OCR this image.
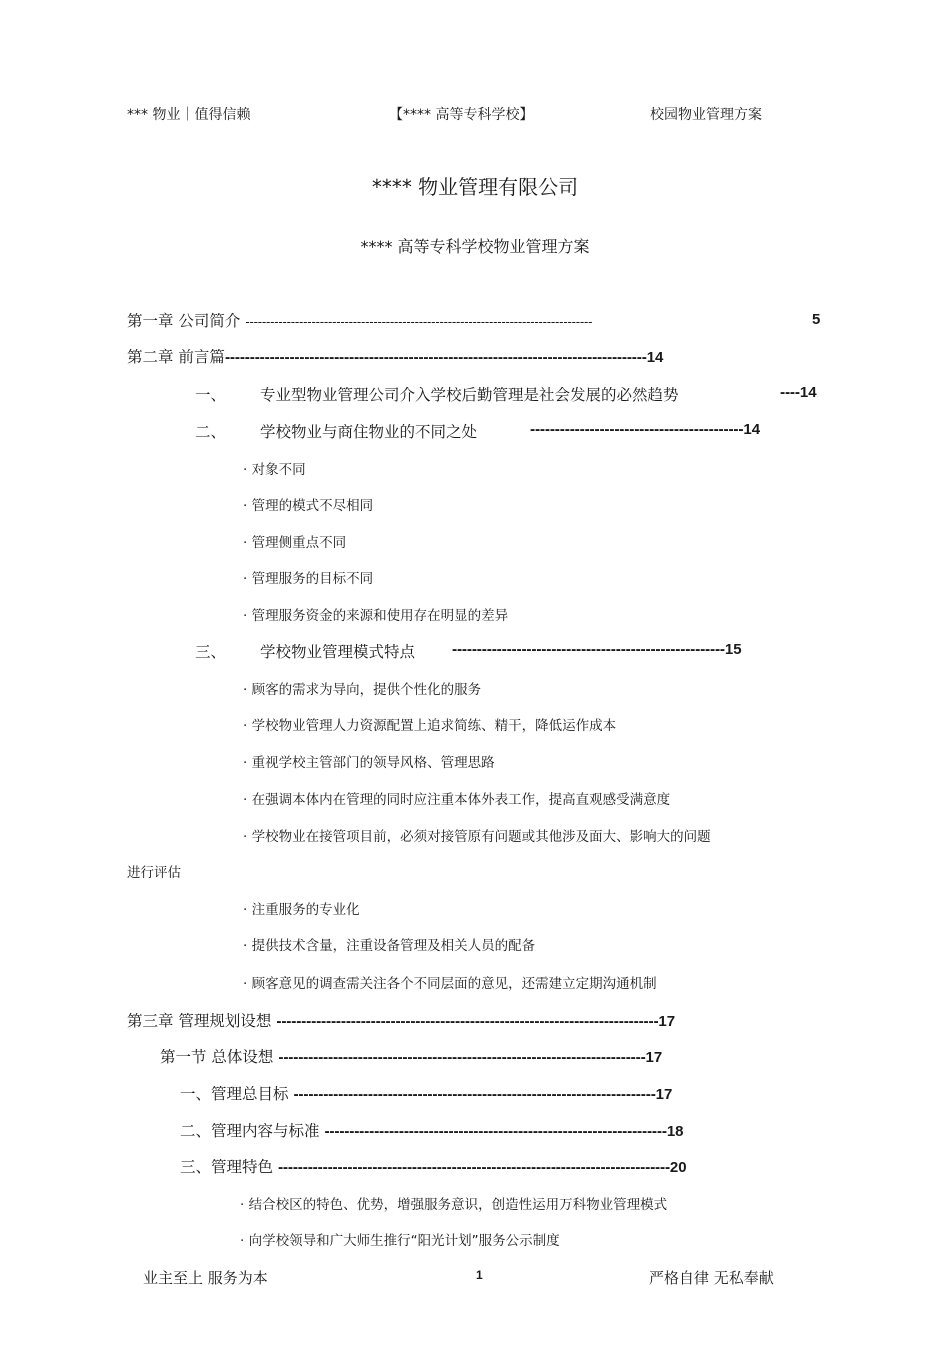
*** 物业｜值得信赖	【**** 高等专科学校】	校园物业管理方案
**** 物业管理有限公司
**** 高等专科学校物业管理方案
第一章 公司简介 ------------------------------------------------------------------------------------	5
第二章 前言篇-------------------------------------------------------------------------------------14
一、 专业型物业管理公司介入学校后勤管理是社会发展的必然趋势	----14
二、 学校物业与商住物业的不同之处	-------------------------------------------14
· 对象不同
· 管理的模式不尽相同
· 管理侧重点不同
· 管理服务的目标不同
· 管理服务资金的来源和使用存在明显的差异
三、 学校物业管理模式特点 -------------------------------------------------------15
· 顾客的需求为导向，提供个性化的服务
· 学校物业管理人力资源配置上追求简练、精干，降低运作成本
· 重视学校主管部门的领导风格、管理思路
· 在强调本体内在管理的同时应注重本体外表工作，提高直观感受满意度
· 学校物业在接管项目前，必须对接管原有问题或其他涉及面大、影响大的问题
进行评估
· 注重服务的专业化
· 提供技术含量，注重设备管理及相关人员的配备
· 顾客意见的调查需关注各个不同层面的意见，还需建立定期沟通机制
第三章 管理规划设想 -----------------------------------------------------------------------------17
第一节 总体设想 --------------------------------------------------------------------------17
一、管理总目标 -------------------------------------------------------------------------17
二、管理内容与标准 ---------------------------------------------------------------------18
三、管理特色 -------------------------------------------------------------------------------20
· 结合校区的特色、优势，增强服务意识，创造性运用万科物业管理模式
· 向学校领导和广大师生推行“阳光计划”服务公示制度
业主至上 服务为本	1	严格自律 无私奉献
